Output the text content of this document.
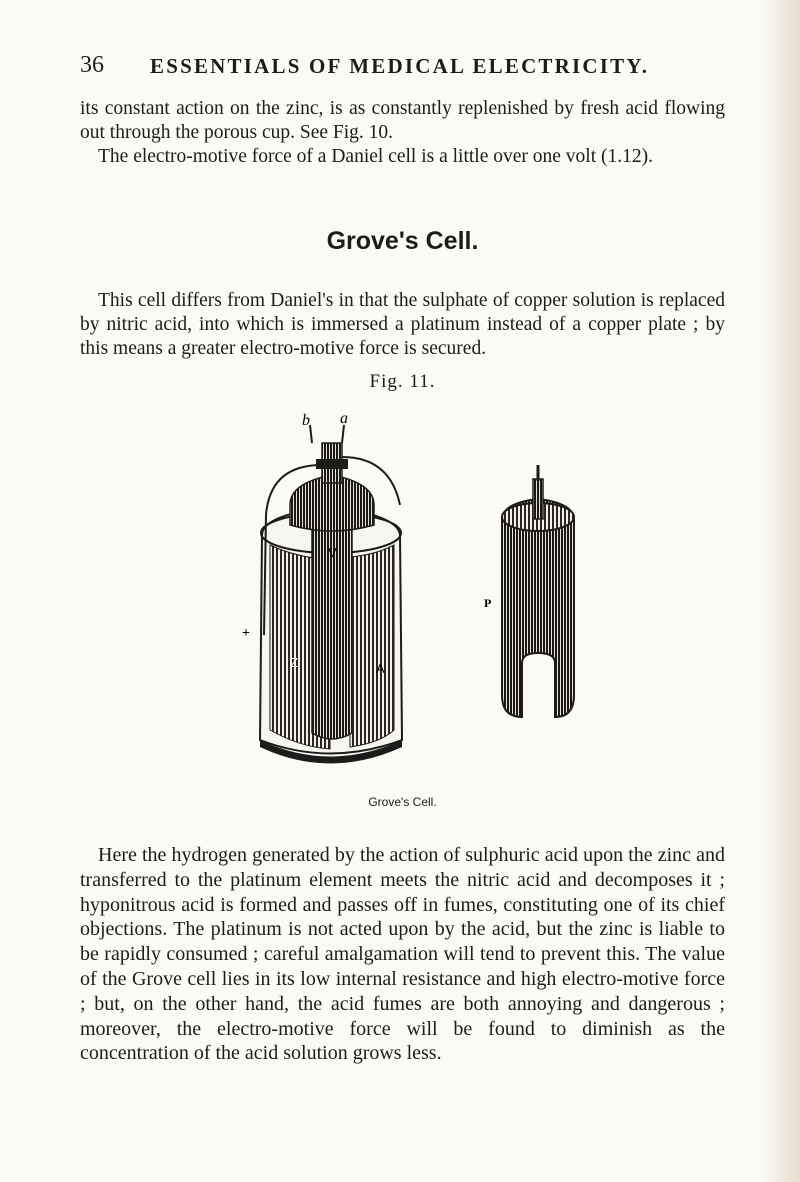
36 ESSENTIALS OF MEDICAL ELECTRICITY.
its constant action on the zinc, is as constantly replenished by fresh acid flowing out through the porous cup. See Fig. 10.
The electro-motive force of a Daniel cell is a little over one volt (1.12).
Grove's Cell.
This cell differs from Daniel's in that the sulphate of copper solution is replaced by nitric acid, into which is immersed a platinum instead of a copper plate ; by this means a greater electro-motive force is secured.
Fig. 11.
b a
V
Z	A
+
P
Grove's Cell.
Here the hydrogen generated by the action of sulphuric acid upon the zinc and transferred to the platinum element meets the nitric acid and decomposes it ; hyponitrous acid is formed and passes off in fumes, constituting one of its chief objections. The platinum is not acted upon by the acid, but the zinc is liable to be rapidly consumed ; careful amalgamation will tend to prevent this. The value of the Grove cell lies in its low internal resistance and high electro-motive force ; but, on the other hand, the acid fumes are both annoying and dangerous ; moreover, the electro-motive force will be found to diminish as the concentration of the acid solution grows less.
